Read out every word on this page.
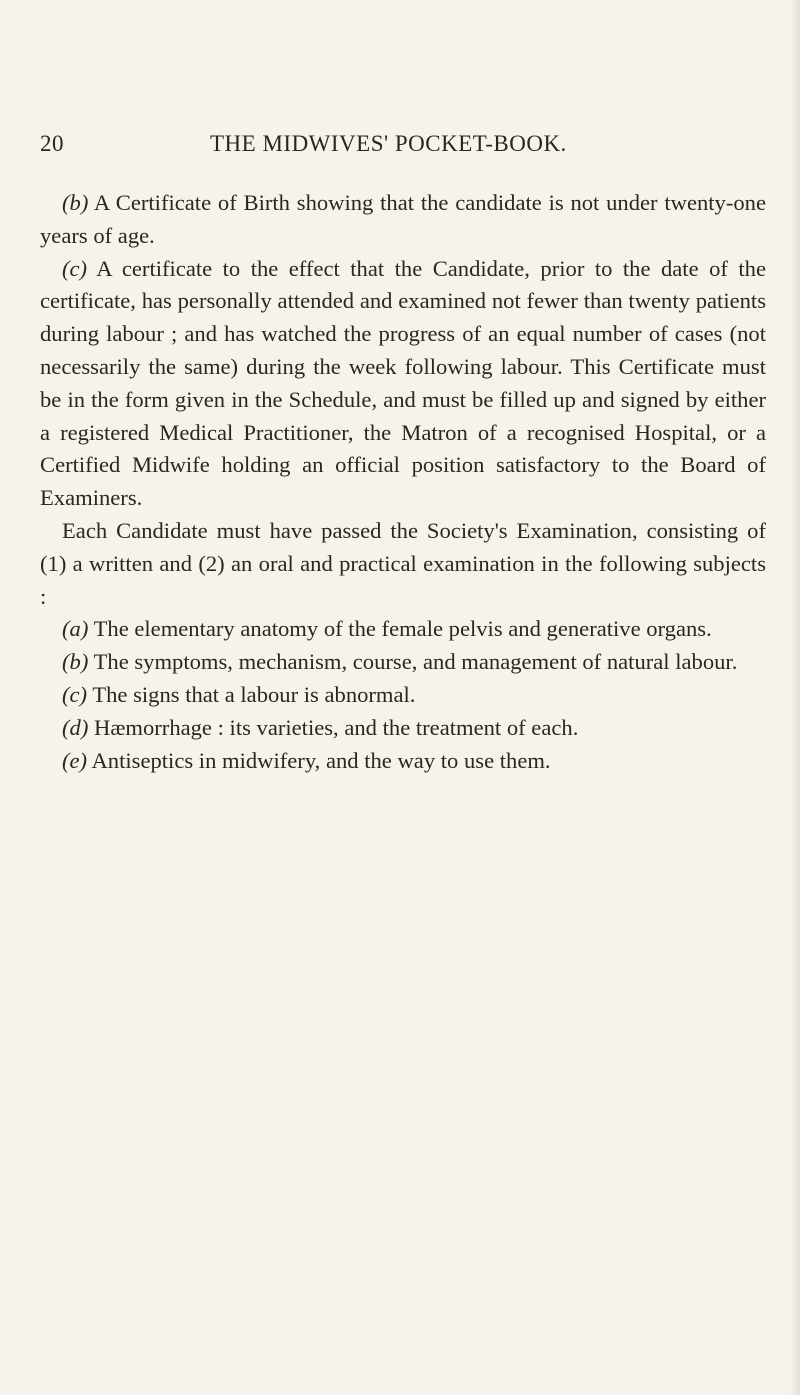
20	THE MIDWIVES' POCKET-BOOK.

(b) A Certificate of Birth showing that the candidate is not under twenty-one years of age.

(c) A certificate to the effect that the Candidate, prior to the date of the certificate, has personally attended and examined not fewer than twenty patients during labour ; and has watched the progress of an equal number of cases (not necessarily the same) during the week following labour. This Certificate must be in the form given in the Schedule, and must be filled up and signed by either a registered Medical Practitioner, the Matron of a recognised Hospital, or a Certified Midwife holding an official position satisfactory to the Board of Examiners.

Each Candidate must have passed the Society's Examination, consisting of (1) a written and (2) an oral and practical examination in the following subjects :

(a) The elementary anatomy of the female pelvis and generative organs.

(b) The symptoms, mechanism, course, and management of natural labour.

(c) The signs that a labour is abnormal.

(d) Hæmorrhage : its varieties, and the treatment of each.

(e) Antiseptics in midwifery, and the way to use them.
